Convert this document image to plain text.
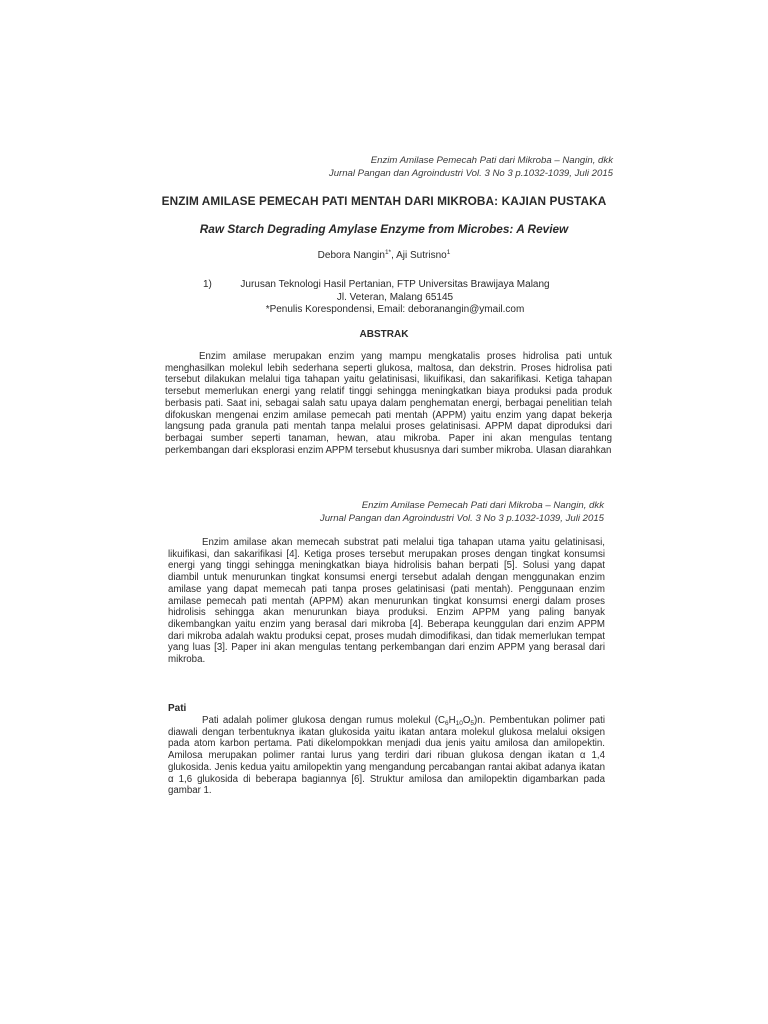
Enzim Amilase Pemecah Pati dari Mikroba – Nangin, dkk
Jurnal Pangan dan Agroindustri Vol. 3 No 3 p.1032-1039, Juli 2015
ENZIM AMILASE PEMECAH PATI MENTAH DARI MIKROBA: KAJIAN PUSTAKA
Raw Starch Degrading Amylase Enzyme from Microbes: A Review
Debora Nangin$^{1*}$, Aji Sutrisno$^1$
1)	Jurusan Teknologi Hasil Pertanian, FTP Universitas Brawijaya Malang
Jl. Veteran, Malang 65145
*Penulis Korespondensi, Email: deboranangin@ymail.com
ABSTRAK
Enzim amilase merupakan enzim yang mampu mengkatalis proses hidrolisa pati untuk menghasilkan molekul lebih sederhana seperti glukosa, maltosa, dan dekstrin. Proses hidrolisa pati tersebut dilakukan melalui tiga tahapan yaitu gelatinisasi, likuifikasi, dan sakarifikasi. Ketiga tahapan tersebut memerlukan energi yang relatif tinggi sehingga meningkatkan biaya produksi pada produk berbasis pati. Saat ini, sebagai salah satu upaya dalam penghematan energi, berbagai penelitian telah difokuskan mengenai enzim amilase pemecah pati mentah (APPM) yaitu enzim yang dapat bekerja langsung pada granula pati mentah tanpa melalui proses gelatinisasi. APPM dapat diproduksi dari berbagai sumber seperti tanaman, hewan, atau mikroba. Paper ini akan mengulas tentang perkembangan dari eksplorasi enzim APPM tersebut khususnya dari sumber mikroba. Ulasan diarahkan
Enzim Amilase Pemecah Pati dari Mikroba – Nangin, dkk
Jurnal Pangan dan Agroindustri Vol. 3 No 3 p.1032-1039, Juli 2015
Enzim amilase akan memecah substrat pati melalui tiga tahapan utama yaitu gelatinisasi, likuifikasi, dan sakarifikasi [4]. Ketiga proses tersebut merupakan proses dengan tingkat konsumsi energi yang tinggi sehingga meningkatkan biaya hidrolisis bahan berpati [5]. Solusi yang dapat diambil untuk menurunkan tingkat konsumsi energi tersebut adalah dengan menggunakan enzim amilase yang dapat memecah pati tanpa proses gelatinisasi (pati mentah). Penggunaan enzim amilase pemecah pati mentah (APPM) akan menurunkan tingkat konsumsi energi dalam proses hidrolisis sehingga akan menurunkan biaya produksi. Enzim APPM yang paling banyak dikembangkan yaitu enzim yang berasal dari mikroba [4]. Beberapa keunggulan dari enzim APPM dari mikroba adalah waktu produksi cepat, proses mudah dimodifikasi, dan tidak memerlukan tempat yang luas [3]. Paper ini akan mengulas tentang perkembangan dari enzim APPM yang berasal dari mikroba.
Pati
Pati adalah polimer glukosa dengan rumus molekul $(C_6H_{10}O_5)n$. Pembentukan polimer pati diawali dengan terbentuknya ikatan glukosida yaitu ikatan antara molekul glukosa melalui oksigen pada atom karbon pertama. Pati dikelompokkan menjadi dua jenis yaitu amilosa dan amilopektin. Amilosa merupakan polimer rantai lurus yang terdiri dari ribuan glukosa dengan ikatan α 1,4 glukosida. Jenis kedua yaitu amilopektin yang mengandung percabangan rantai akibat adanya ikatan α 1,6 glukosida di beberapa bagiannya [6]. Struktur amilosa dan amilopektin digambarkan pada gambar 1.
